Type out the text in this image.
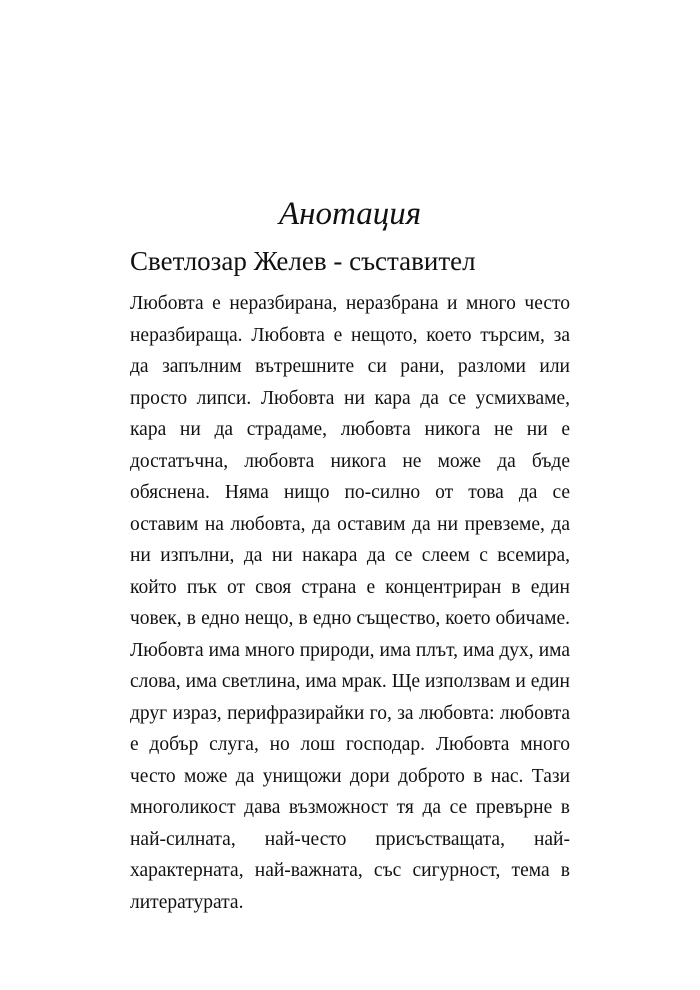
Анотация
Светлозар Желев - съставител

Любовта е неразбирана, неразбрана и много често неразбираща. Любовта е нещото, което търсим, за да запълним вътрешните си рани, разломи или просто липси. Любовта ни кара да се усмихваме, кара ни да страдаме, любовта никога не ни е достатъчна, любовта никога не може да бъде обяснена. Няма нищо по-силно от това да се оставим на любовта, да оставим да ни превземе, да ни изпълни, да ни накара да се слеем с всемира, който пък от своя страна е концентриран в един човек, в едно нещо, в едно същество, което обичаме. Любовта има много природи, има плът, има дух, има слова, има светлина, има мрак. Ще използвам и един друг израз, перифразирайки го, за любовта: любовта е добър слуга, но лош господар. Любовта много често може да унищожи дори доброто в нас. Тази многоликост дава възможност тя да се превърне в най-силната, най-често присъстващата, най-характерната, най-важната, със сигурност, тема в литературата.
